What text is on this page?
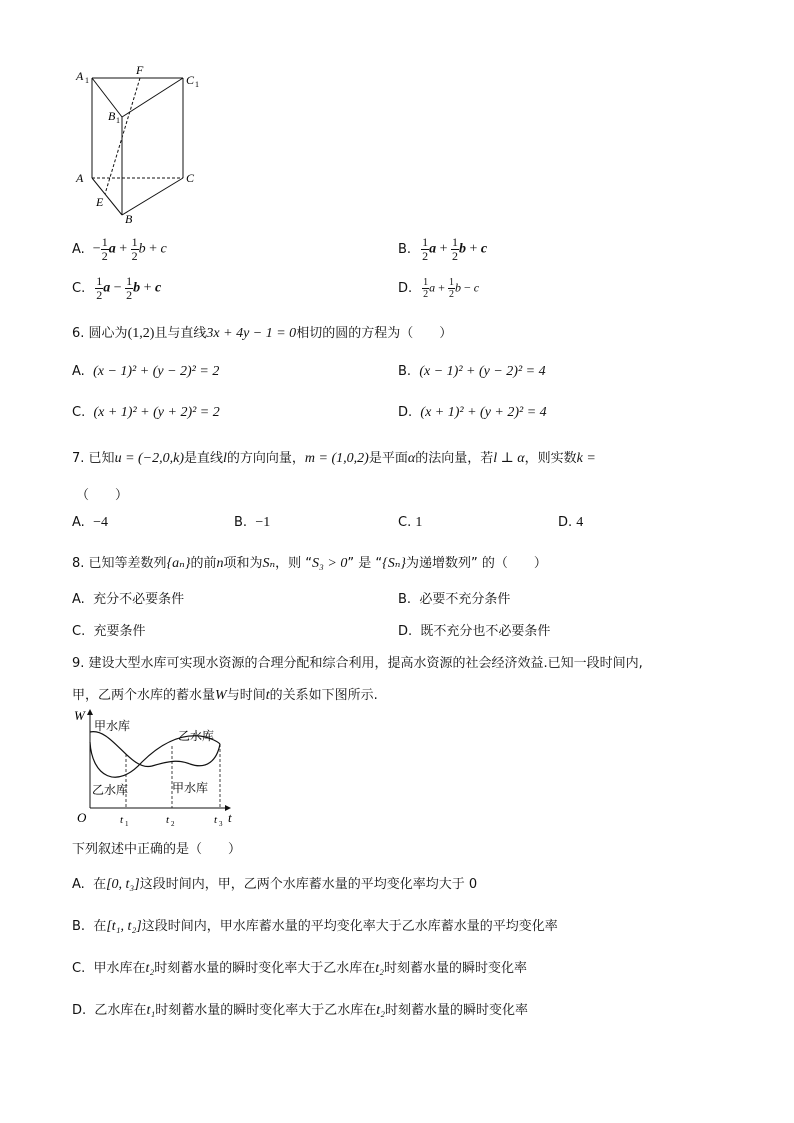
A 1
F
C 1
B 1
A	C
E
B
A. − $\frac{1}{2}$ $a + \frac{1}{2}$ b + c	B. $\frac{1}{2}$ $a + \frac{1}{2}$ b + c
C. $\frac{1}{2}$ $a - \frac{1}{2}$ b + c	D. $\frac{1}{2}$ $a + \frac{1}{2}$ b − c
6. 圆心为(1,2)且与直线3x + 4y − 1 = 0相切的圆的方程为（　　）
A. (x − 1)² + (y − 2)² = 2	B. (x − 1)² + (y − 2)² = 4
C. (x + 1)² + (y + 2)² = 2	D. (x + 1)² + (y + 2)² = 4
7. 已知u = (−2,0,k)是直线l的方向向量，m = (1,0,2)是平面α的法向量，若l ⊥ α，则实数k =
（　　）
A. −4	B. −1	C. 1	D. 4
8. 已知等差数列{aₙ}的前n项和为Sₙ，则 “S₃ > 0” 是 “{Sₙ}为递增数列” 的（　　）
A. 充分不必要条件	B. 必要不充分条件
C. 充要条件	D. 既不充分也不必要条件
9. 建设大型水库可实现水资源的合理分配和综合利用，提高水资源的社会经济效益.已知一段时间内,
甲，乙两个水库的蓄水量W与时间t的关系如下图所示.
W
O	t
t 1	t 2	t 3
甲水库
乙水库
乙水库	甲水库
下列叙述中正确的是（　　）
A. 在[0, t₃]这段时间内，甲，乙两个水库蓄水量的平均变化率均大于 0
B. 在[t₁, t₂]这段时间内，甲水库蓄水量的平均变化率大于乙水库蓄水量的平均变化率
C. 甲水库在t₂时刻蓄水量的瞬时变化率大于乙水库在t₂时刻蓄水量的瞬时变化率
D. 乙水库在t₁时刻蓄水量的瞬时变化率大于乙水库在t₂时刻蓄水量的瞬时变化率
